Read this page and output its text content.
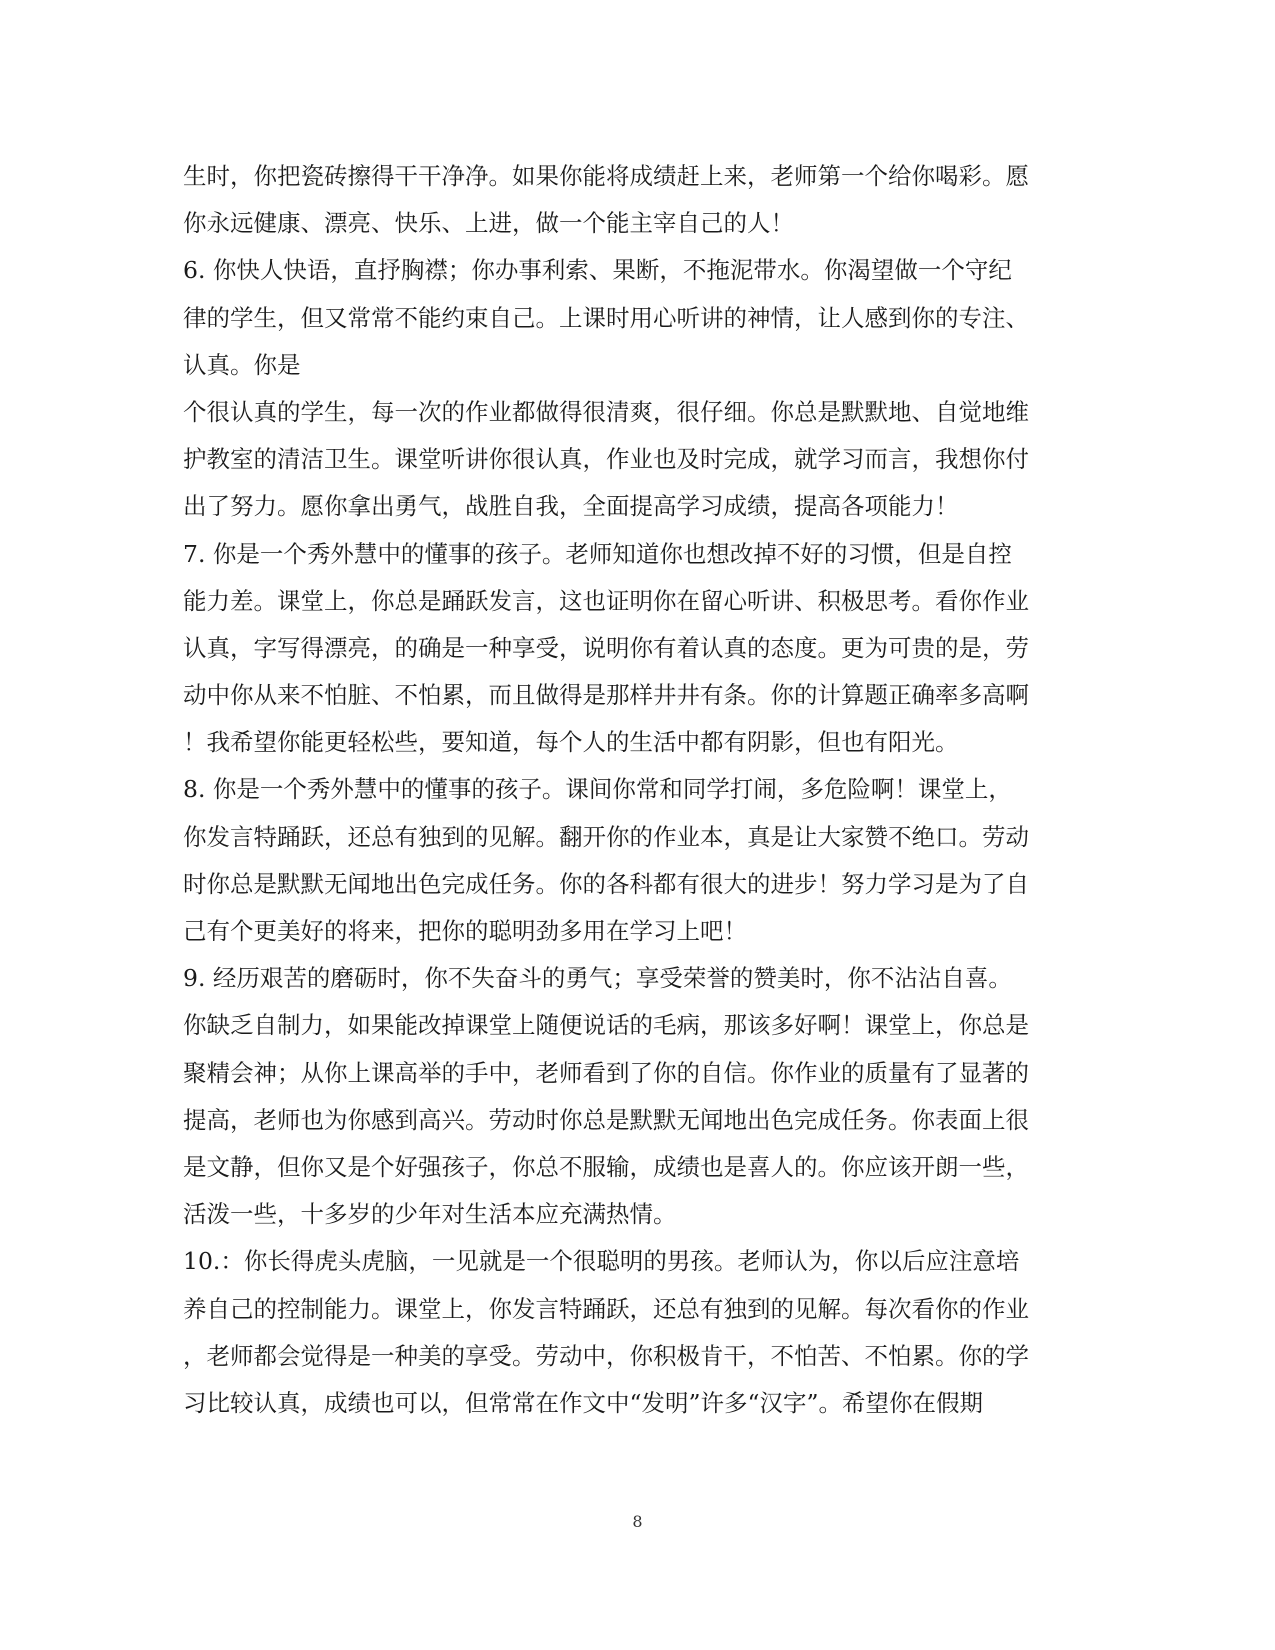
生时，你把瓷砖擦得干干净净。如果你能将成绩赶上来，老师第一个给你喝彩。愿
你永远健康、漂亮、快乐、上进，做一个能主宰自己的人！
6. 你快人快语，直抒胸襟；你办事利索、果断，不拖泥带水。你渴望做一个守纪
律的学生，但又常常不能约束自己。上课时用心听讲的神情，让人感到你的专注、
认真。你是
个很认真的学生，每一次的作业都做得很清爽，很仔细。你总是默默地、自觉地维
护教室的清洁卫生。课堂听讲你很认真，作业也及时完成，就学习而言，我想你付
出了努力。愿你拿出勇气，战胜自我，全面提高学习成绩，提高各项能力！
7. 你是一个秀外慧中的懂事的孩子。老师知道你也想改掉不好的习惯，但是自控
能力差。课堂上，你总是踊跃发言，这也证明你在留心听讲、积极思考。看你作业
认真，字写得漂亮，的确是一种享受，说明你有着认真的态度。更为可贵的是，劳
动中你从来不怕脏、不怕累，而且做得是那样井井有条。你的计算题正确率多高啊
！我希望你能更轻松些，要知道，每个人的生活中都有阴影，但也有阳光。
8. 你是一个秀外慧中的懂事的孩子。课间你常和同学打闹，多危险啊！课堂上，
你发言特踊跃，还总有独到的见解。翻开你的作业本，真是让大家赞不绝口。劳动
时你总是默默无闻地出色完成任务。你的各科都有很大的进步！努力学习是为了自
己有个更美好的将来，把你的聪明劲多用在学习上吧！
9. 经历艰苦的磨砺时，你不失奋斗的勇气；享受荣誉的赞美时，你不沾沾自喜。
你缺乏自制力，如果能改掉课堂上随便说话的毛病，那该多好啊！课堂上，你总是
聚精会神；从你上课高举的手中，老师看到了你的自信。你作业的质量有了显著的
提高，老师也为你感到高兴。劳动时你总是默默无闻地出色完成任务。你表面上很
是文静，但你又是个好强孩子，你总不服输，成绩也是喜人的。你应该开朗一些，
活泼一些，十多岁的少年对生活本应充满热情。
10.：你长得虎头虎脑，一见就是一个很聪明的男孩。老师认为，你以后应注意培
养自己的控制能力。课堂上，你发言特踊跃，还总有独到的见解。每次看你的作业
，老师都会觉得是一种美的享受。劳动中，你积极肯干，不怕苦、不怕累。你的学
习比较认真，成绩也可以，但常常在作文中“发明”许多“汉字”。希望你在假期
8
